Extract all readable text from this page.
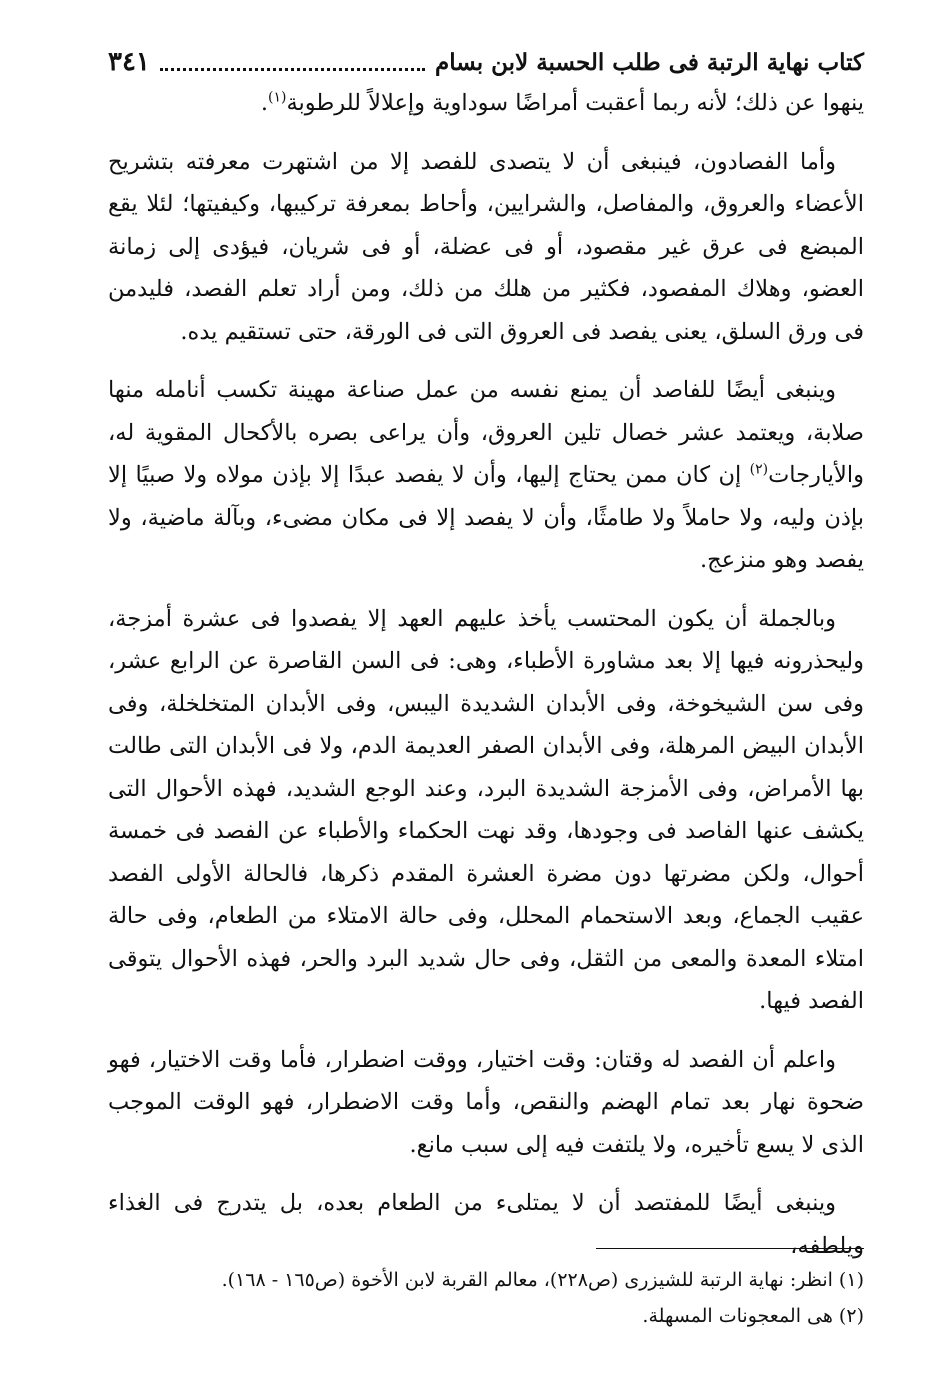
كتاب نهاية الرتبة فى طلب الحسبة لابن بسام
٣٤١

ينهوا عن ذلك؛ لأنه ربما أعقبت أمراضًا سوداوية وإعلالاً للرطوبة$^{(١)}$.

وأما الفصادون، فينبغى أن لا يتصدى للفصد إلا من اشتهرت معرفته بتشريح الأعضاء والعروق، والمفاصل، والشرايين، وأحاط بمعرفة تركيبها، وكيفيتها؛ لئلا يقع المبضع فى عرق غير مقصود، أو فى عضلة، أو فى شريان، فيؤدى إلى زمانة العضو، وهلاك المفصود، فكثير من هلك من ذلك، ومن أراد تعلم الفصد، فليدمن فى ورق السلق، يعنى يفصد فى العروق التى فى الورقة، حتى تستقيم يده.

وينبغى أيضًا للفاصد أن يمنع نفسه من عمل صناعة مهينة تكسب أنامله منها صلابة، ويعتمد عشر خصال تلين العروق، وأن يراعى بصره بالأكحال المقوية له، والأيارجات$^{(٢)}$ إن كان ممن يحتاج إليها، وأن لا يفصد عبدًا إلا بإذن مولاه ولا صبيًا إلا بإذن وليه، ولا حاملاً ولا طامثًا، وأن لا يفصد إلا فى مكان مضىء، وبآلة ماضية، ولا يفصد وهو منزعج.

وبالجملة أن يكون المحتسب يأخذ عليهم العهد إلا يفصدوا فى عشرة أمزجة، وليحذرونه فيها إلا بعد مشاورة الأطباء، وهى: فى السن القاصرة عن الرابع عشر، وفى سن الشيخوخة، وفى الأبدان الشديدة اليبس، وفى الأبدان المتخلخلة، وفى الأبدان البيض المرهلة، وفى الأبدان الصفر العديمة الدم، ولا فى الأبدان التى طالت بها الأمراض، وفى الأمزجة الشديدة البرد، وعند الوجع الشديد، فهذه الأحوال التى يكشف عنها الفاصد فى وجودها، وقد نهت الحكماء والأطباء عن الفصد فى خمسة أحوال، ولكن مضرتها دون مضرة العشرة المقدم ذكرها، فالحالة الأولى الفصد عقيب الجماع، وبعد الاستحمام المحلل، وفى حالة الامتلاء من الطعام، وفى حالة امتلاء المعدة والمعى من الثقل، وفى حال شديد البرد والحر، فهذه الأحوال يتوقى الفصد فيها.

واعلم أن الفصد له وقتان: وقت اختيار، ووقت اضطرار، فأما وقت الاختيار، فهو ضحوة نهار بعد تمام الهضم والنقص، وأما وقت الاضطرار، فهو الوقت الموجب الذى لا يسع تأخيره، ولا يلتفت فيه إلى سبب مانع.

وينبغى أيضًا للمفتصد أن لا يمتلىء من الطعام بعده، بل يتدرج فى الغذاء ويلطفه،

(١) انظر: نهاية الرتبة للشيزرى (ص٢٢٨)، معالم القربة لابن الأخوة (ص١٦٥ - ١٦٨).

(٢) هى المعجونات المسهلة.
